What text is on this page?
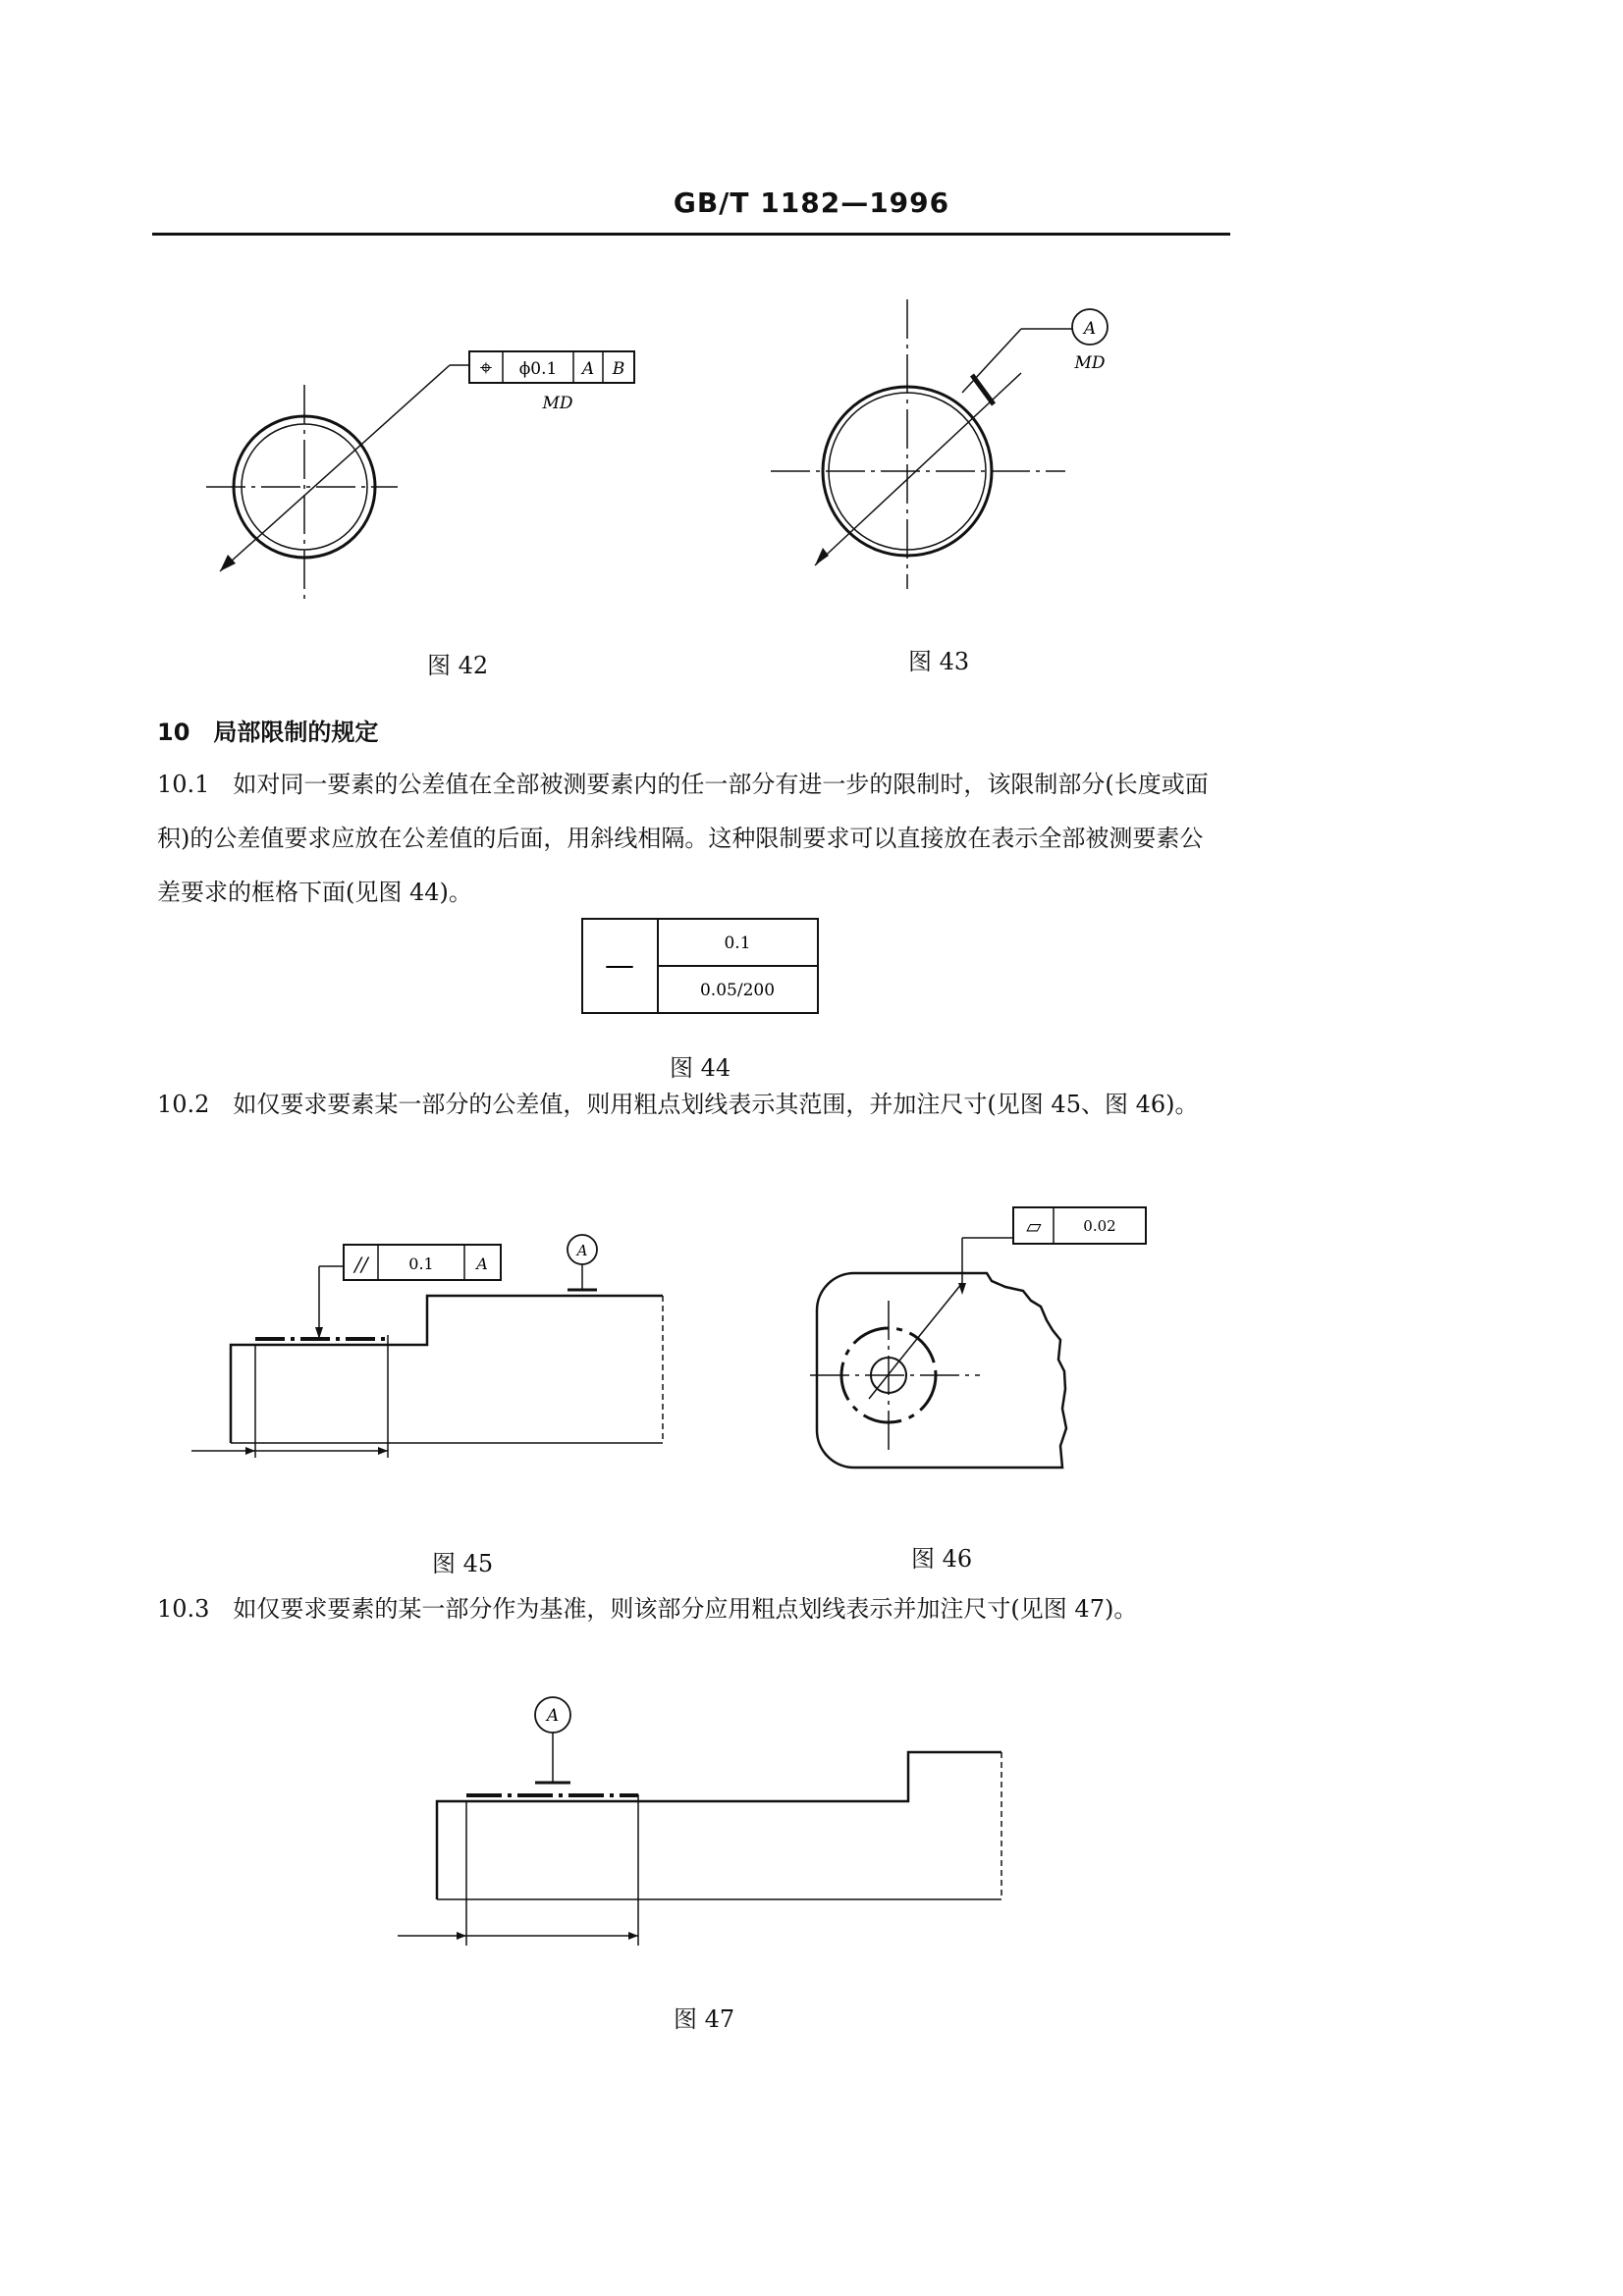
GB/T 1182—1996
⌖ ϕ0.1 A B
MD
图 42
A
MD
图 43
10　局部限制的规定
10.1　如对同一要素的公差值在全部被测要素内的任一部分有进一步的限制时，该限制部分(长度或面
积)的公差值要求应放在公差值的后面，用斜线相隔。这种限制要求可以直接放在表示全部被测要素公
差要求的框格下面(见图 44)。
—
0.1
0.05/200
图 44
10.2　如仅要求要素某一部分的公差值，则用粗点划线表示其范围，并加注尺寸(见图 45、图 46)。
//	0.1	A
A
图 45
▱	0.02
图 46
10.3　如仅要求要素的某一部分作为基准，则该部分应用粗点划线表示并加注尺寸(见图 47)。
A
图 47
